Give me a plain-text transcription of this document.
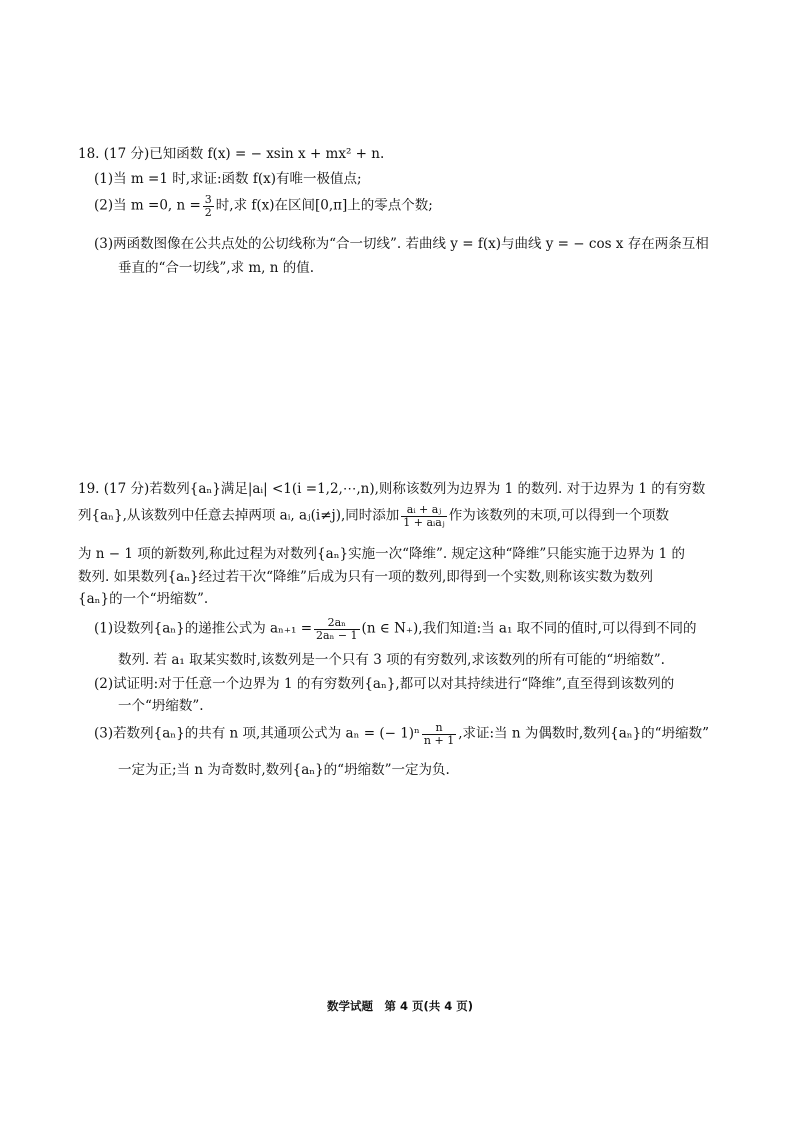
18. (17 分)已知函数 f(x) = − xsin x + mx² + n.
(1)当 m =1 时,求证:函数 f(x)有唯一极值点;
(2)当 m =0, $n = \frac{3}{2}$ 时,求 f(x)在区间[0,π]上的零点个数;
(3)两函数图像在公共点处的公切线称为“合一切线”. 若曲线 y = f(x)与曲线 y = − cos x 存在两条互相
垂直的“合一切线”,求 m, n 的值.
19. (17 分)若数列{aₙ}满足|aᵢ| <1(i =1,2,⋯,n),则称该数列为边界为 1 的数列. 对于边界为 1 的有穷数
列{aₙ},从该数列中任意去掉两项 aᵢ, aⱼ(i≠j),同时添加 $\frac{\text{aᵢ + aⱼ}}{\text{1 + aᵢaⱼ}}$ 作为该数列的末项,可以得到一个项数
为 n − 1 项的新数列,称此过程为对数列{aₙ}实施一次“降维”. 规定这种“降维”只能实施于边界为 1 的
数列. 如果数列{aₙ}经过若干次“降维”后成为只有一项的数列,即得到一个实数,则称该实数为数列
{aₙ}的一个“坍缩数”.
(1)设数列{aₙ}的递推公式为 $a_{n+1} = \frac{\text{2aₙ}}{\text{2aₙ − 1}} (n$ ∈ N₊),我们知道:当 a₁ 取不同的值时,可以得到不同的
数列. 若 a₁ 取某实数时,该数列是一个只有 3 项的有穷数列,求该数列的所有可能的“坍缩数”.
(2)试证明:对于任意一个边界为 1 的有穷数列{aₙ},都可以对其持续进行“降维”,直至得到该数列的
一个“坍缩数”.
(3)若数列{aₙ}的共有 n 项,其通项公式为 aₙ = (− $1)^n \frac{n}{n + 1}$ ,求证:当 n 为偶数时,数列{aₙ}的“坍缩数”
一定为正;当 n 为奇数时,数列{aₙ}的“坍缩数”一定为负.
数学试题　第 4 页(共 4 页)
